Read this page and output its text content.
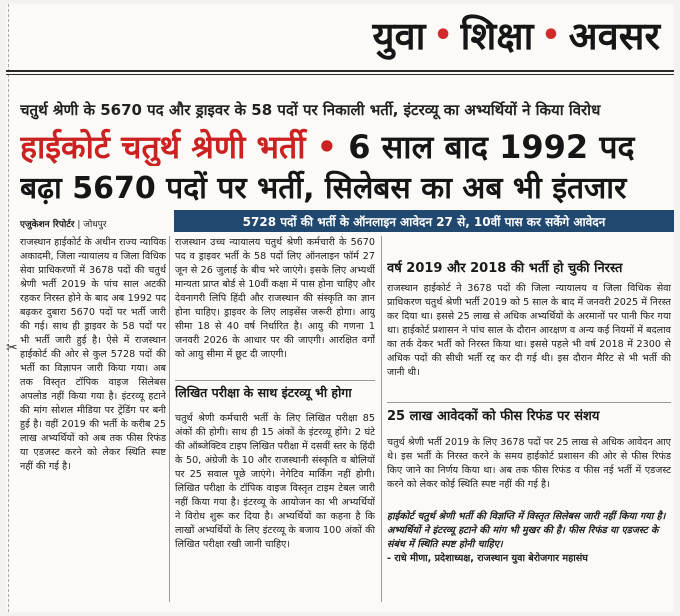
युवा • शिक्षा • अवसर
चतुर्थ श्रेणी के 5670 पद और ड्राइवर के 58 पदों पर निकाली भर्ती, इंटरव्यू का अभ्यर्थियों ने किया विरोध
हाईकोर्ट चतुर्थ श्रेणी भर्ती • 6 साल बाद 1992 पद
बढ़ा 5670 पदों पर भर्ती, सिलेबस का अब भी इंतजार
एजुकेशन रिपोर्टर | जोधपुर	5728 पदों की भर्ती के ऑनलाइन आवेदन 27 से, 10वीं पास कर सकेंगे आवेदन
✂
राजस्थान हाईकोर्ट के अधीन राज्य न्यायिक अकादमी, जिला न्यायालय व जिला विधिक सेवा प्राधिकरणों में 3678 पदों की चतुर्थ श्रेणी भर्ती 2019 के पांच साल अटकी रहकर निरस्त होने के बाद अब 1992 पद बढ़कर दुबारा 5670 पदों पर भर्ती जारी की गई। साथ ही ड्राइवर के 58 पदों पर भी भर्ती जारी हुई है। ऐसे में राजस्थान हाईकोर्ट की ओर से कुल 5728 पदों की भर्ती का विज्ञापन जारी किया गया। अब तक विस्तृत टॉपिक वाइज सिलेबस अपलोड नहीं किया गया है। इंटरव्यू हटाने की मांग सोशल मीडिया पर ट्रेंडिंग पर बनी हुई है। वहीं 2019 की भर्ती के करीब 25 लाख अभ्यर्थियों को अब तक फीस रिफंड या एडजस्ट करने को लेकर स्थिति स्पष्ट नहीं की गई है।
राजस्थान उच्च न्यायालय चतुर्थ श्रेणी कर्मचारी के 5670 पद व ड्राइवर भर्ती के 58 पदों लिए ऑनलाइन फॉर्म 27 जून से 26 जुलाई के बीच भरे जाएंगे। इसके लिए अभ्यर्थी मान्यता प्राप्त बोर्ड से 10वीं कक्षा में पास होना चाहिए और देवनागरी लिपि हिंदी और राजस्थान की संस्कृति का ज्ञान होना चाहिए। ड्राइवर के लिए लाइसेंस जरूरी होगा। आयु सीमा 18 से 40 वर्ष निर्धारित है। आयु की गणना 1 जनवरी 2026 के आधार पर की जाएगी। आरक्षित वर्गों को आयु सीमा में छूट दी जाएगी।
लिखित परीक्षा के साथ इंटरव्यू भी होगा
चतुर्थ श्रेणी कर्मचारी भर्ती के लिए लिखित परीक्षा 85 अंकों की होगी। साथ ही 15 अंकों के इंटरव्यू होंगे। 2 घंटे की ऑब्जेक्टिव टाइप लिखित परीक्षा में दसवीं स्तर के हिंदी के 50, अंग्रेजी के 10 और राजस्थानी संस्कृति व बोलियों पर 25 सवाल पूछे जाएंगे। नेगेटिव मार्किंग नहीं होगी। लिखित परीक्षा के टॉपिक वाइज विस्तृत टाइम टेबल जारी नहीं किया गया है। इंटरव्यू के आयोजन का भी अभ्यर्थियों ने विरोध शुरू कर दिया है। अभ्यर्थियों का कहना है कि लाखों अभ्यर्थियों के लिए इंटरव्यू के बजाय 100 अंकों की लिखित परीक्षा रखी जानी चाहिए।
वर्ष 2019 और 2018 की भर्ती हो चुकी निरस्त
राजस्थान हाईकोर्ट ने 3678 पदों की जिला न्यायालय व जिला विधिक सेवा प्राधिकरण चतुर्थ श्रेणी भर्ती 2019 को 5 साल के बाद में जनवरी 2025 में निरस्त कर दिया था। इससे 25 लाख से अधिक अभ्यर्थियों के अरमानों पर पानी फिर गया था। हाईकोर्ट प्रशासन ने पांच साल के दौरान आरक्षण व अन्य कई नियमों में बदलाव का तर्क देकर भर्ती को निरस्त किया था। इससे पहले भी वर्ष 2018 में 2300 से अधिक पदों की सीधी भर्ती रद्द कर दी गई थी। इस दौरान मैरिट से भी भर्ती की जानी थी।
25 लाख आवेदकों को फीस रिफंड पर संशय
चतुर्थ श्रेणी भर्ती 2019 के लिए 3678 पदों पर 25 लाख से अधिक आवेदन आए थे। इस भर्ती के निरस्त करने के समय हाईकोर्ट प्रशासन की ओर से फीस रिफंड किए जाने का निर्णय किया था। अब तक फीस रिफंड व फीस नई भर्ती में एडजस्ट करने को लेकर कोई स्थिति स्पष्ट नहीं की गई है।
हाईकोर्ट चतुर्थ श्रेणी भर्ती की विज्ञप्ति में विस्तृत सिलेबस जारी नहीं किया गया है। अभ्यर्थियों ने इंटरव्यू हटाने की मांग भी मुखर की है। फीस रिफंड या एडजस्ट के संबंध में स्थिति स्पष्ट होनी चाहिए।
- राधे मीणा, प्रदेशाध्यक्ष, राजस्थान युवा बेरोजगार महासंघ
